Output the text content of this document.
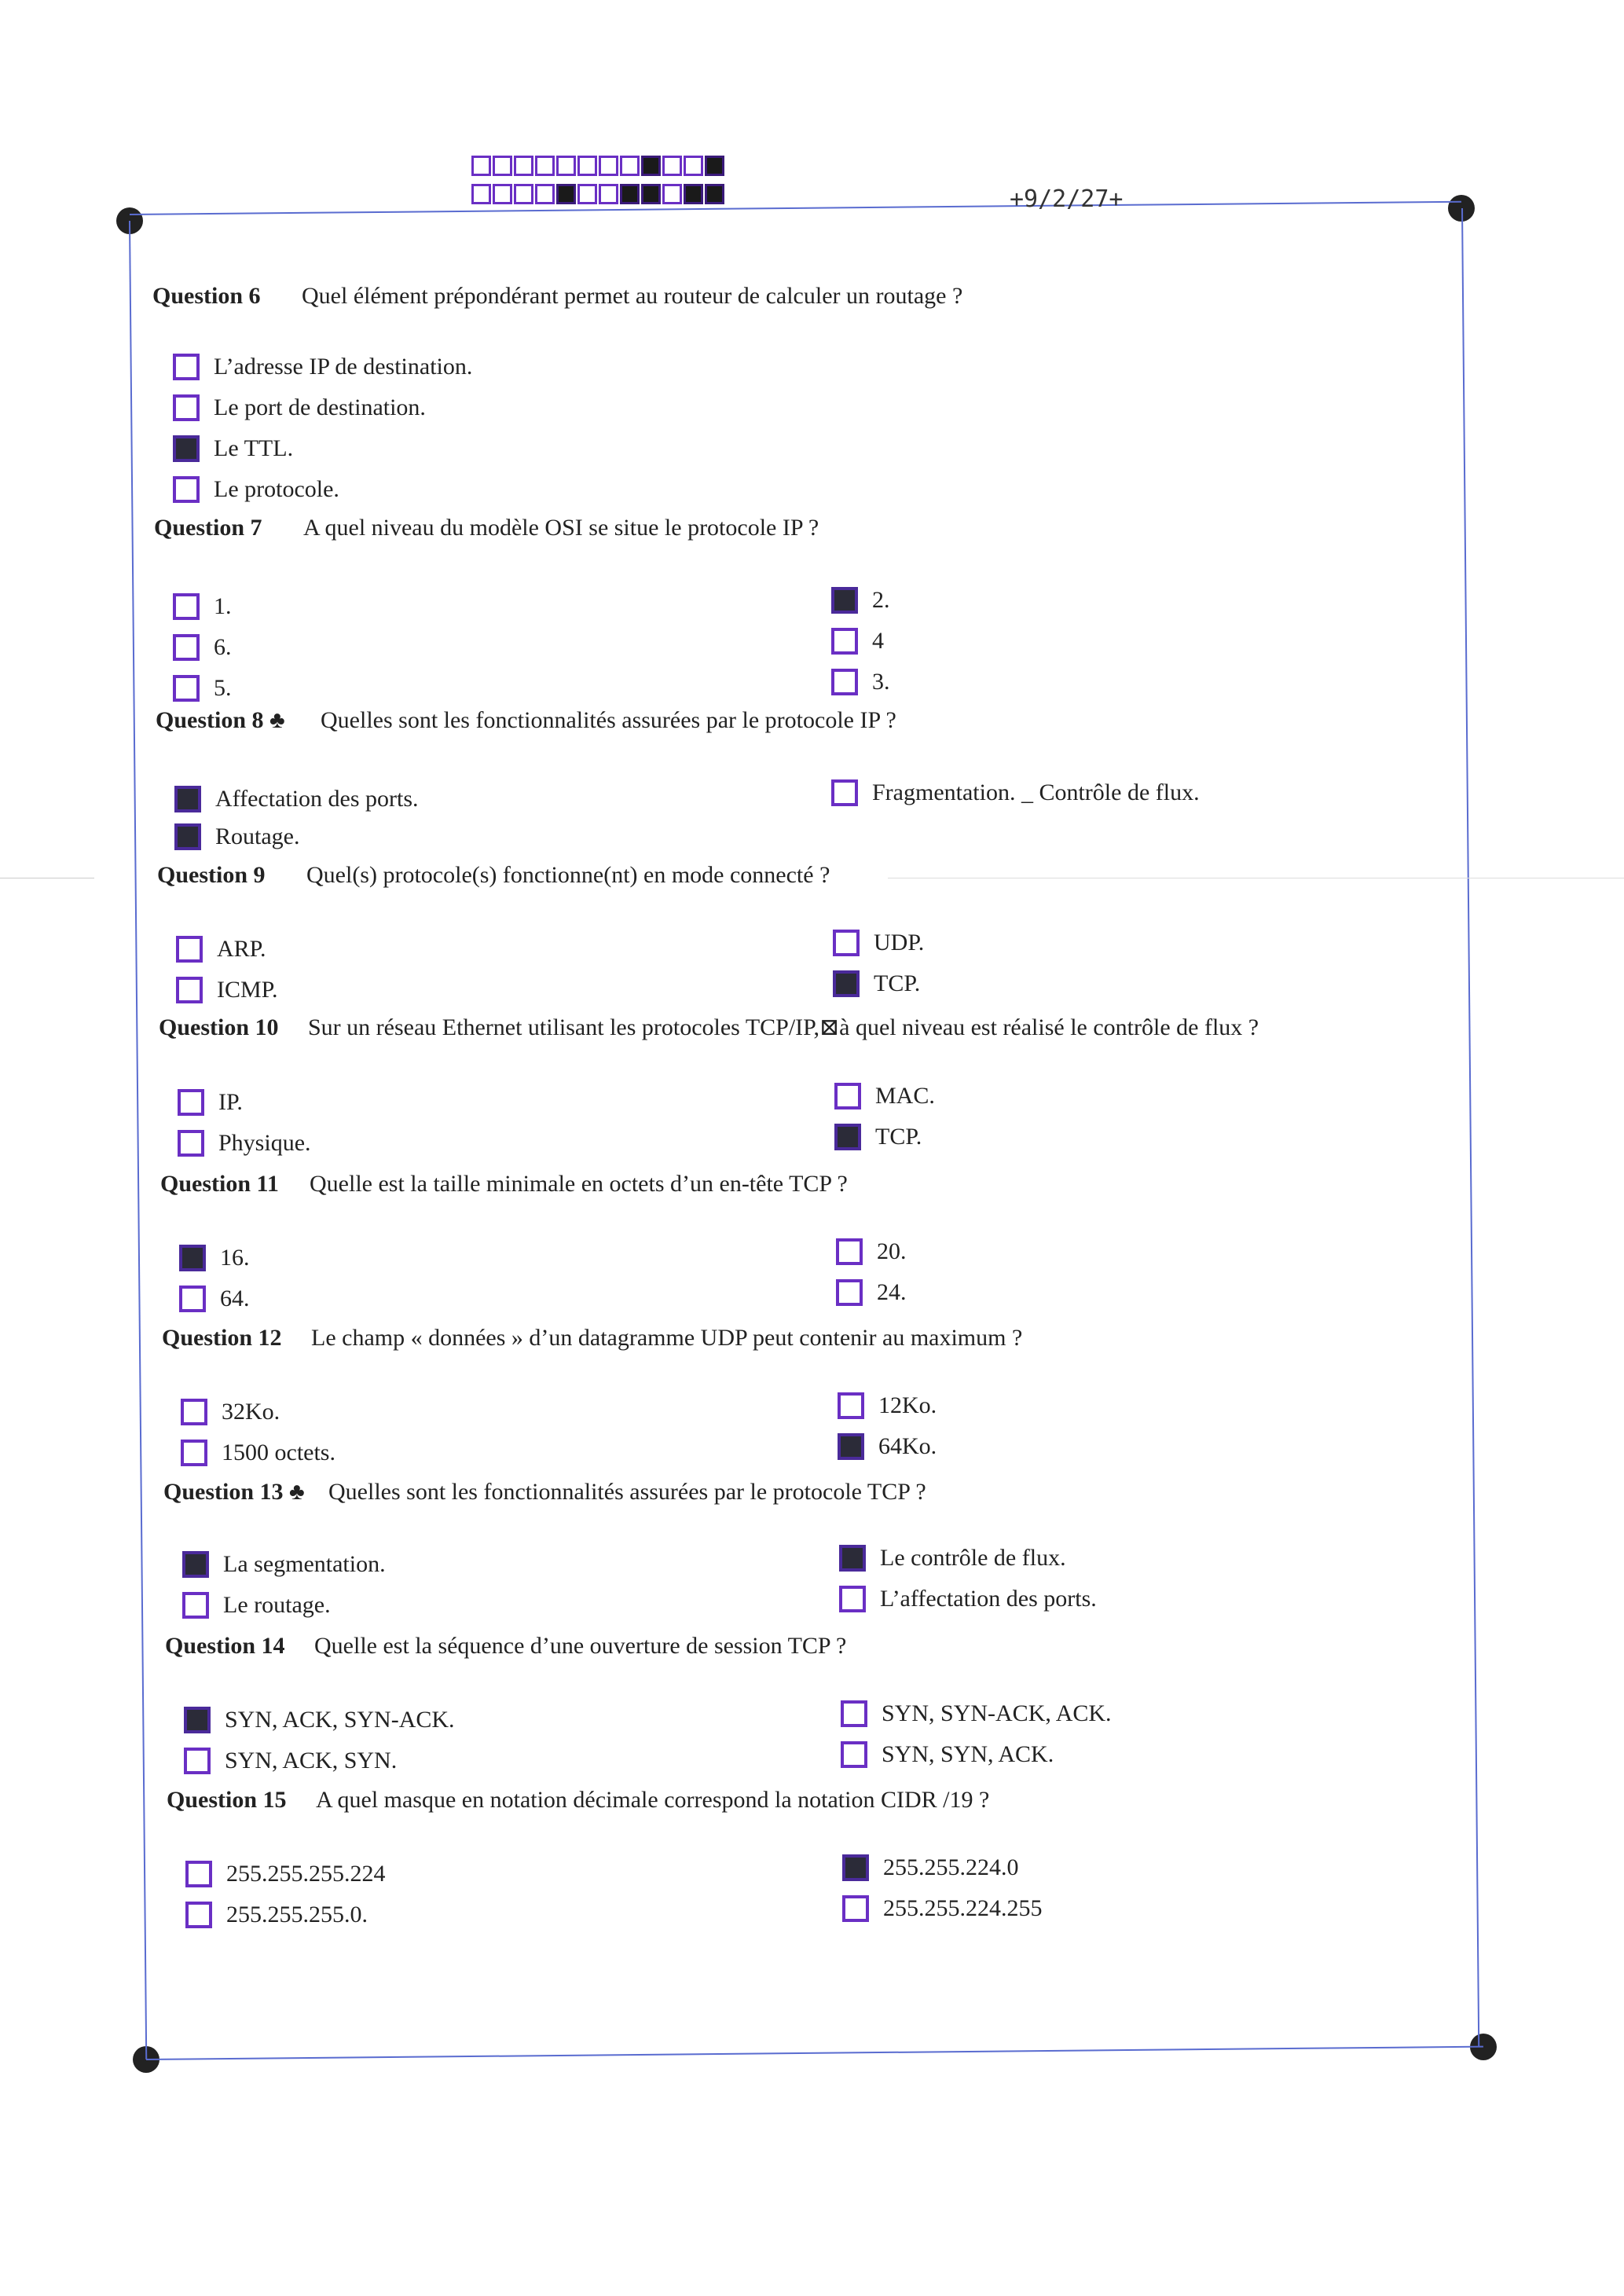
+9/2/27+
Question 6 Quel élément prépondérant permet au routeur de calculer un routage ?
L’adresse IP de destination.
Le port de destination.
Le TTL.
Le protocole.
Question 7 A quel niveau du modèle OSI se situe le protocole IP ?
1.
6.
5.
2.
4
3.
Question 8 ♣ Quelles sont les fonctionnalités assurées par le protocole IP ?
Affectation des ports.
Routage.
Fragmentation. _ Contrôle de flux.
Question 9 Quel(s) protocole(s) fonctionne(nt) en mode connecté ?
ARP.
ICMP.
UDP.
TCP.
Question 10 Sur un réseau Ethernet utilisant les protocoles TCP/IP,⊠à quel niveau est réalisé le contrôle de flux ?
IP.
Physique.
MAC.
TCP.
Question 11 Quelle est la taille minimale en octets d’un en-tête TCP ?
16.
64.
20.
24.
Question 12 Le champ « données » d’un datagramme UDP peut contenir au maximum ?
32Ko.
1500 octets.
12Ko.
64Ko.
Question 13 ♣ Quelles sont les fonctionnalités assurées par le protocole TCP ?
La segmentation.
Le routage.
Le contrôle de flux.
L’affectation des ports.
Question 14 Quelle est la séquence d’une ouverture de session TCP ?
SYN, ACK, SYN-ACK.
SYN, ACK, SYN.
SYN, SYN-ACK, ACK.
SYN, SYN, ACK.
Question 15 A quel masque en notation décimale correspond la notation CIDR /19 ?
255.255.255.224
255.255.255.0.
255.255.224.0
255.255.224.255
